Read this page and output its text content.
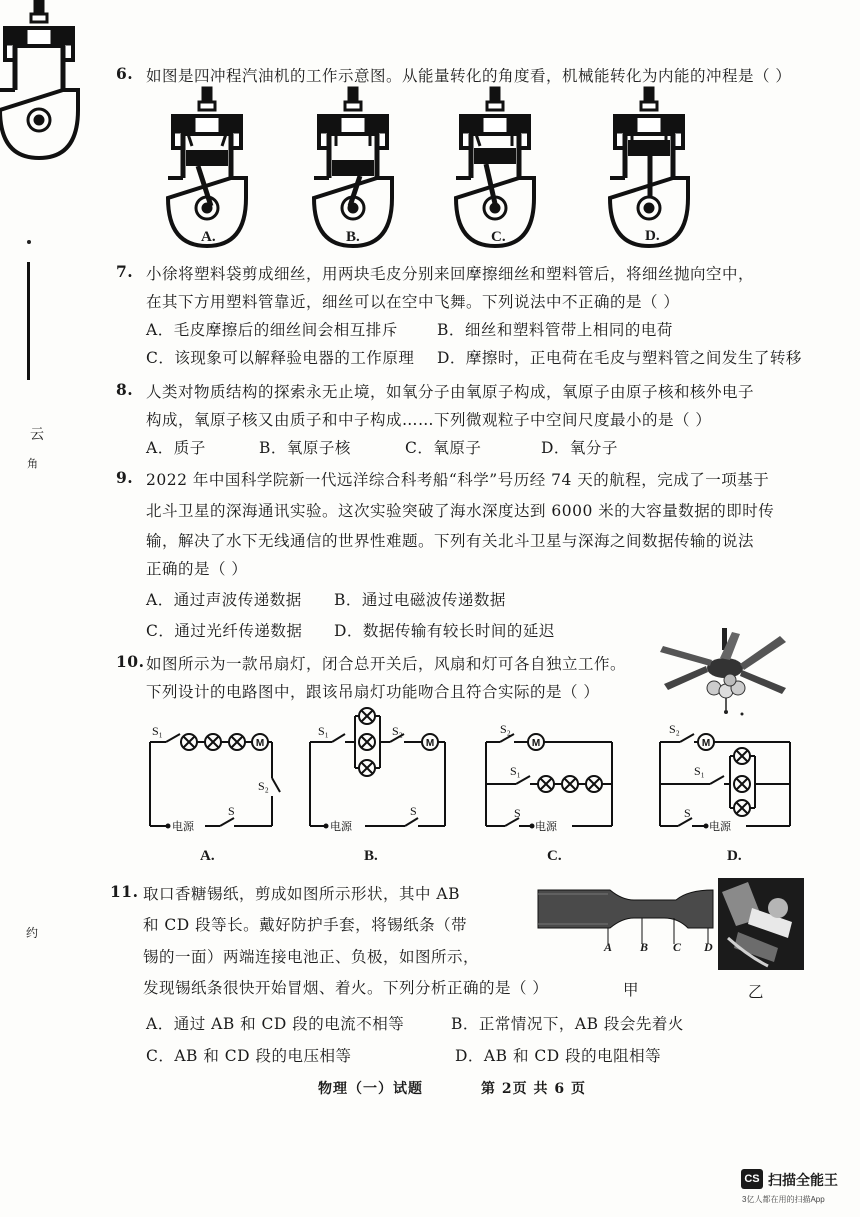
云
角
约
6. 如图是四冲程汽油机的工作示意图。从能量转化的角度看，机械能转化为内能的冲程是（ ）
A.	B.	C.	D.
7. 小徐将塑料袋剪成细丝，用两块毛皮分别来回摩擦细丝和塑料管后，将细丝抛向空中，
在其下方用塑料管靠近，细丝可以在空中飞舞。下列说法中不正确的是（ ）
A．毛皮摩擦后的细丝间会相互排斥	B．细丝和塑料管带上相同的电荷
C．该现象可以解释验电器的工作原理 D．摩擦时，正电荷在毛皮与塑料管之间发生了转移
8. 人类对物质结构的探索永无止境，如氧分子由氧原子构成，氧原子由原子核和核外电子
构成，氧原子核又由质子和中子构成……下列微观粒子中空间尺度最小的是（ ）
A．质子	B．氧原子核	C．氧原子	D．氧分子
9. 2022 年中国科学院新一代远洋综合科考船“科学”号历经 74 天的航程，完成了一项基于
北斗卫星的深海通讯实验。这次实验突破了海水深度达到 6000 米的大容量数据的即时传
输，解决了水下无线通信的世界性难题。下列有关北斗卫星与深海之间数据传输的说法
正确的是（ ）
A．通过声波传递数据 B．通过电磁波传递数据
C．通过光纤传递数据 D．数据传输有较长时间的延迟
10. 如图所示为一款吊扇灯，闭合总开关后，风扇和灯可各自独立工作。
下列设计的电路图中，跟该吊扇灯功能吻合且符合实际的是（ ）
M	M	M	M
S₁
S₂
S
S₁	S₂
S
S₂
S₁
S
S₂
S₁
S
电源	电源	电源	电源
A.	B.	C.	D.
11. 取口香糖锡纸，剪成如图所示形状，其中 AB
和 CD 段等长。戴好防护手套，将锡纸条（带
锡的一面）两端连接电池正、负极，如图所示，
发现锡纸条很快开始冒烟、着火。下列分析正确的是（ ）
A B C D
甲	乙
A．通过 AB 和 CD 段的电流不相等	B．正常情况下，AB 段会先着火
C．AB 和 CD 段的电压相等	D．AB 和 CD 段的电阻相等
物理（一）试题	第 2页 共 6 页
CS 扫描全能王
3亿人都在用的扫描App
